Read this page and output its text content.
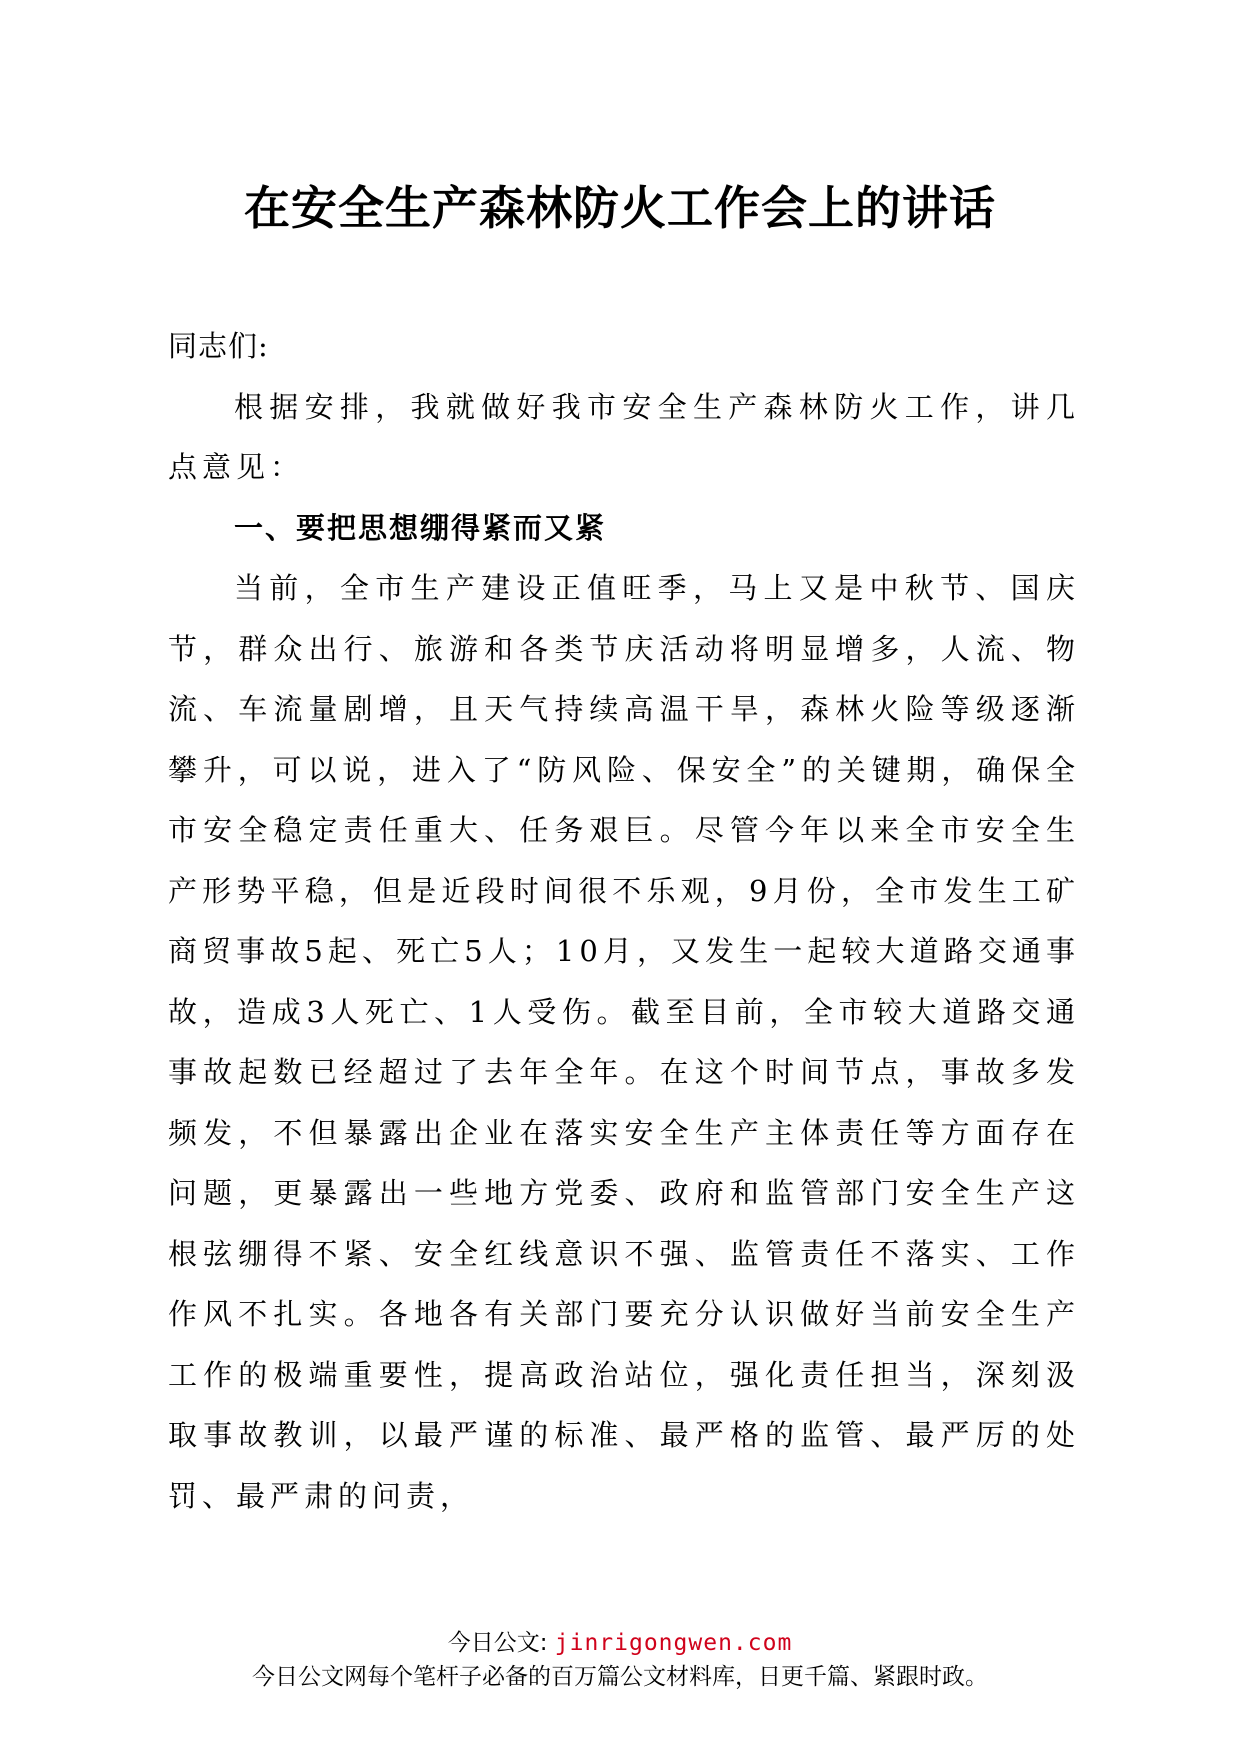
在安全生产森林防火工作会上的讲话

同志们:

根据安排，我就做好我市安全生产森林防火工作，讲几点意见：

一、要把思想绷得紧而又紧

当前，全市生产建设正值旺季，马上又是中秋节、国庆节，群众出行、旅游和各类节庆活动将明显增多，人流、物流、车流量剧增，且天气持续高温干旱，森林火险等级逐渐攀升，可以说，进入了“防风险、保安全”的关键期，确保全市安全稳定责任重大、任务艰巨。尽管今年以来全市安全生产形势平稳，但是近段时间很不乐观，9月份，全市发生工矿商贸事故5起、死亡5人；10月，又发生一起较大道路交通事故，造成3人死亡、1人受伤。截至目前，全市较大道路交通事故起数已经超过了去年全年。在这个时间节点，事故多发频发，不但暴露出企业在落实安全生产主体责任等方面存在问题，更暴露出一些地方党委、政府和监管部门安全生产这根弦绷得不紧、安全红线意识不强、监管责任不落实、工作作风不扎实。各地各有关部门要充分认识做好当前安全生产工作的极端重要性，提高政治站位，强化责任担当，深刻汲取事故教训，以最严谨的标准、最严格的监管、最严厉的处罚、最严肃的问责，

今日公文: jinrigongwen.com
今日公文网每个笔杆子必备的百万篇公文材料库，日更千篇、紧跟时政。
